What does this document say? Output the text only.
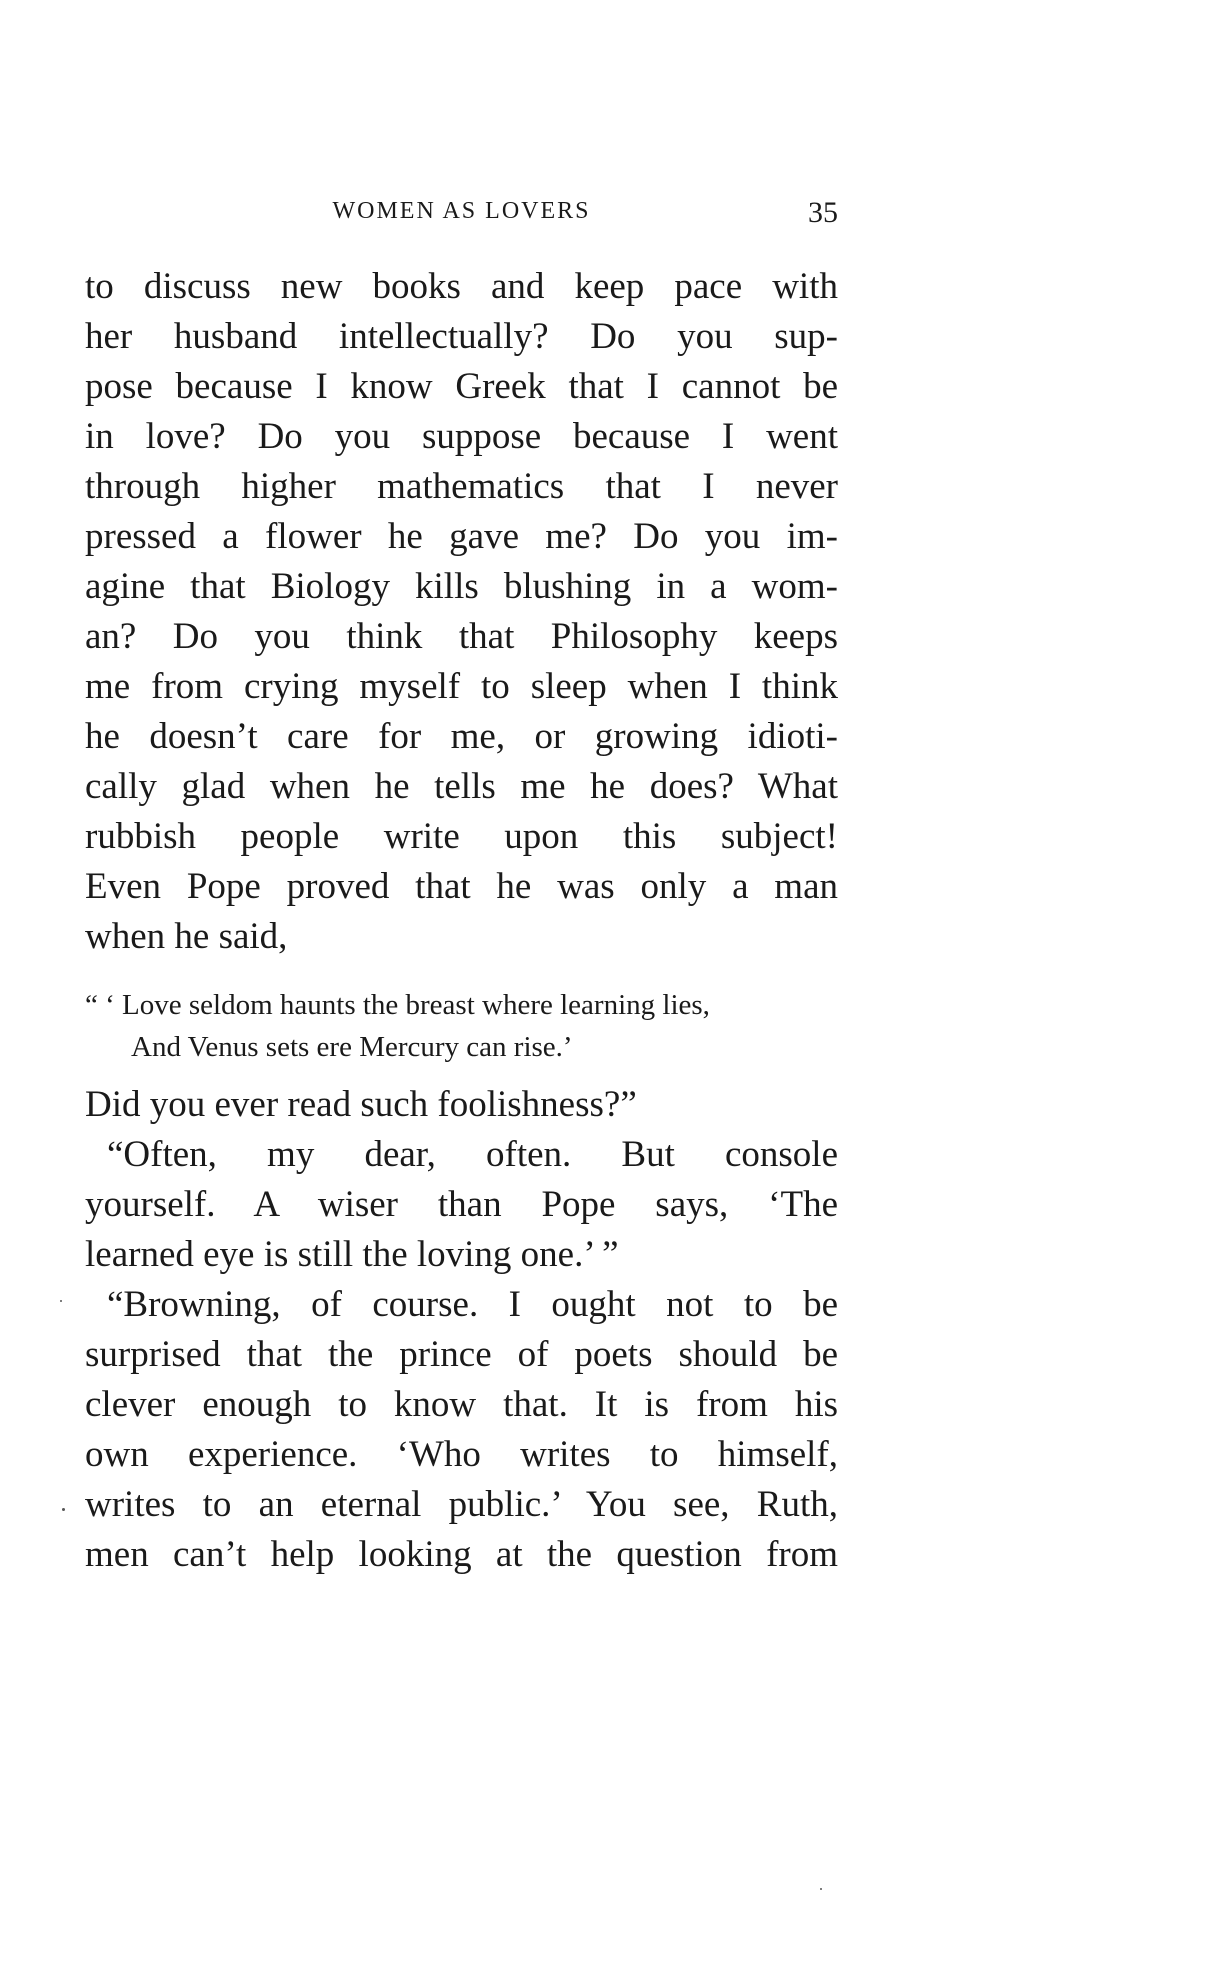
WOMEN AS LOVERS	35
to discuss new books and keep pace with
her husband intellectually? Do you sup-
pose because I know Greek that I cannot be
in love? Do you suppose because I went
through higher mathematics that I never
pressed a flower he gave me? Do you im-
agine that Biology kills blushing in a wom-
an? Do you think that Philosophy keeps
me from crying myself to sleep when I think
he doesn’t care for me, or growing idioti-
cally glad when he tells me he does? What
rubbish people write upon this subject!
Even Pope proved that he was only a man
when he said,
“ ‘ Love seldom haunts the breast where learning lies,
And Venus sets ere Mercury can rise.’
Did you ever read such foolishness?”
“Often, my dear, often. But console
yourself. A wiser than Pope says, ‘The
learned eye is still the loving one.’ ”
“Browning, of course. I ought not to be
surprised that the prince of poets should be
clever enough to know that. It is from his
own experience. ‘Who writes to himself,
writes to an eternal public.’ You see, Ruth,
men can’t help looking at the question from
